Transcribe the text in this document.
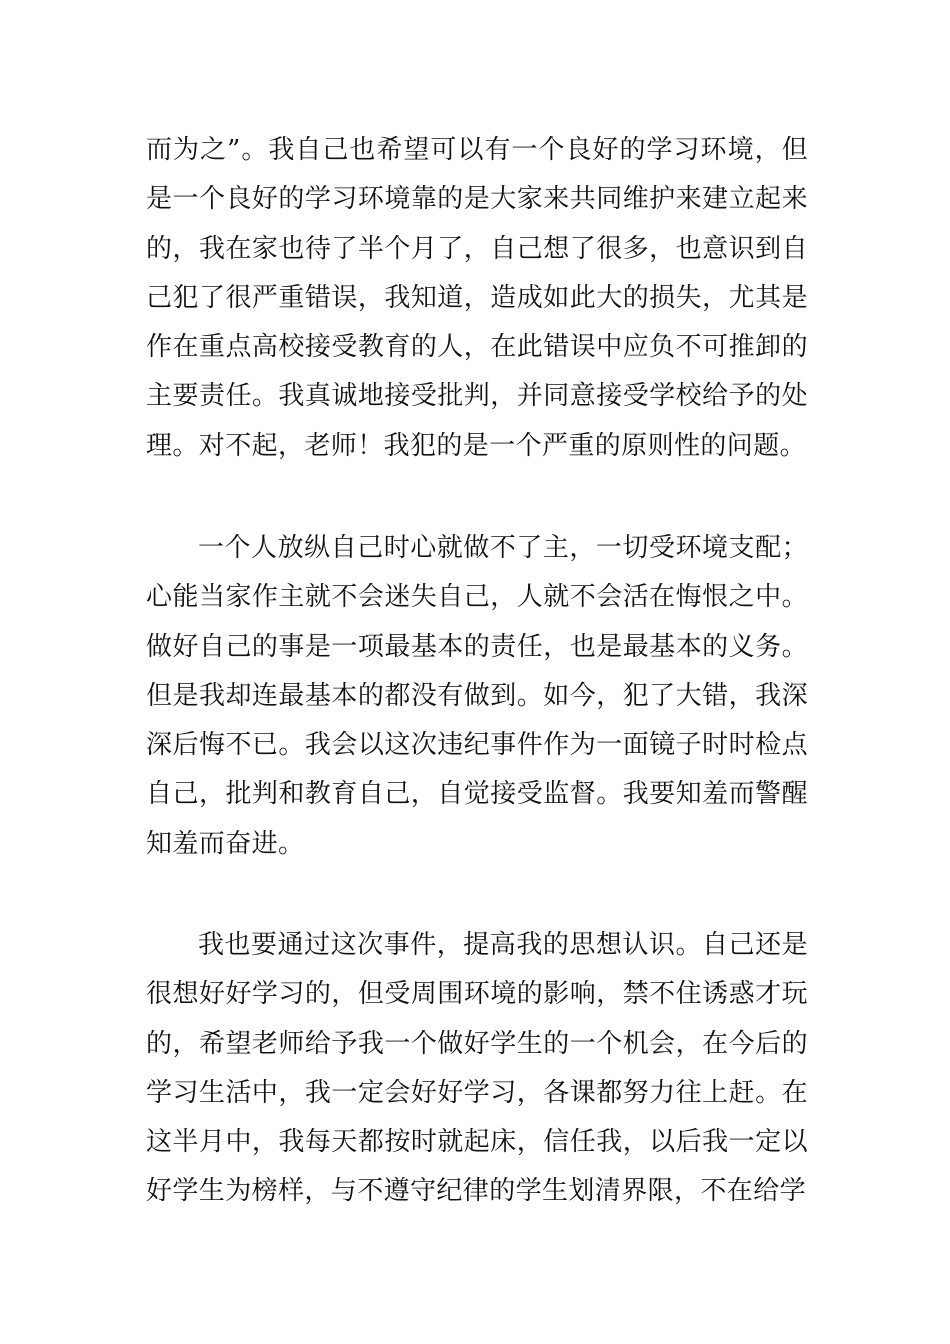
而为之”。我自己也希望可以有一个良好的学习环境，但是一个良好的学习环境靠的是大家来共同维护来建立起来的，我在家也待了半个月了，自己想了很多，也意识到自己犯了很严重错误，我知道，造成如此大的损失，尤其是作在重点高校接受教育的人，在此错误中应负不可推卸的主要责任。我真诚地接受批判，并同意接受学校给予的处理。对不起，老师！我犯的是一个严重的原则性的问题。

一个人放纵自己时心就做不了主，一切受环境支配；心能当家作主就不会迷失自己，人就不会活在悔恨之中。做好自己的事是一项最基本的责任，也是最基本的义务。但是我却连最基本的都没有做到。如今，犯了大错，我深深后悔不已。我会以这次违纪事件作为一面镜子时时检点自己，批判和教育自己，自觉接受监督。我要知羞而警醒知羞而奋进。

我也要通过这次事件，提高我的思想认识。自己还是很想好好学习的，但受周围环境的影响，禁不住诱惑才玩的，希望老师给予我一个做好学生的一个机会，在今后的学习生活中，我一定会好好学习，各课都努力往上赶。在这半月中，我每天都按时就起床，信任我，以后我一定以好学生为榜样，与不遵守纪律的学生划清界限，不在给学
